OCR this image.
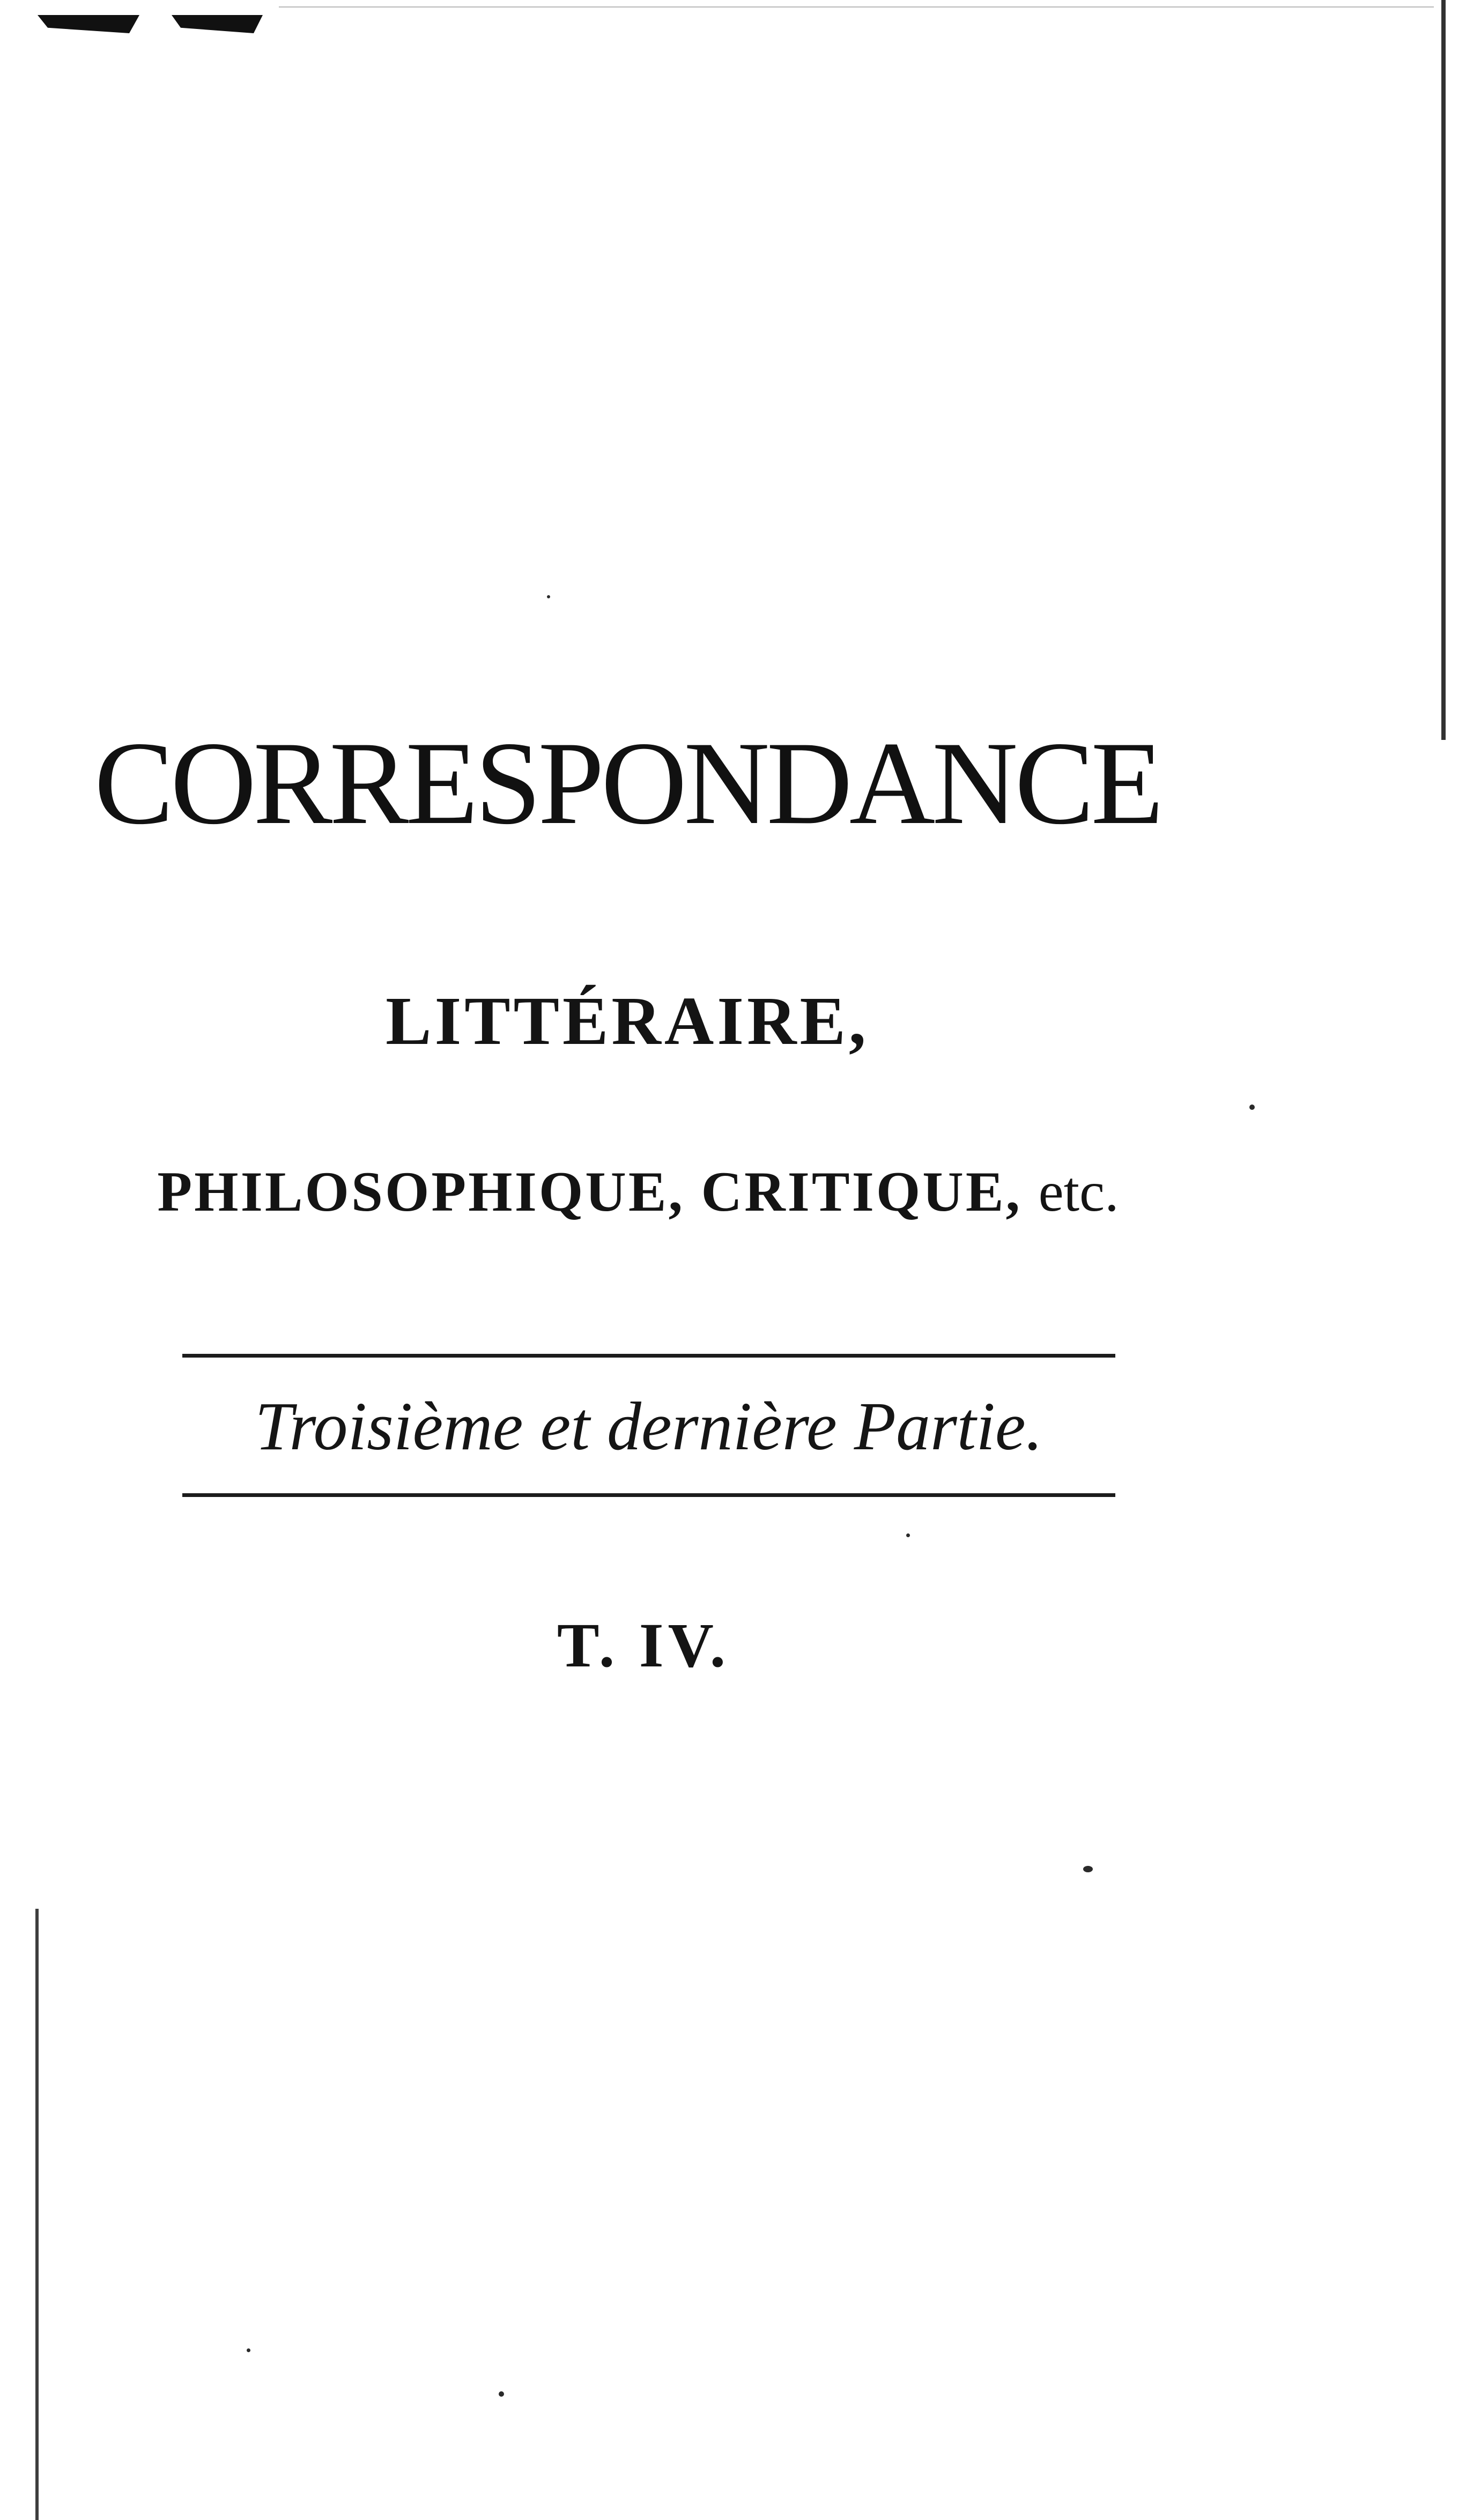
CORRESPONDANCE
LITTÉRAIRE,
PHILOSOPHIQUE, CRITIQUE, etc.

Troisième et dernière Partie.

T. IV.
